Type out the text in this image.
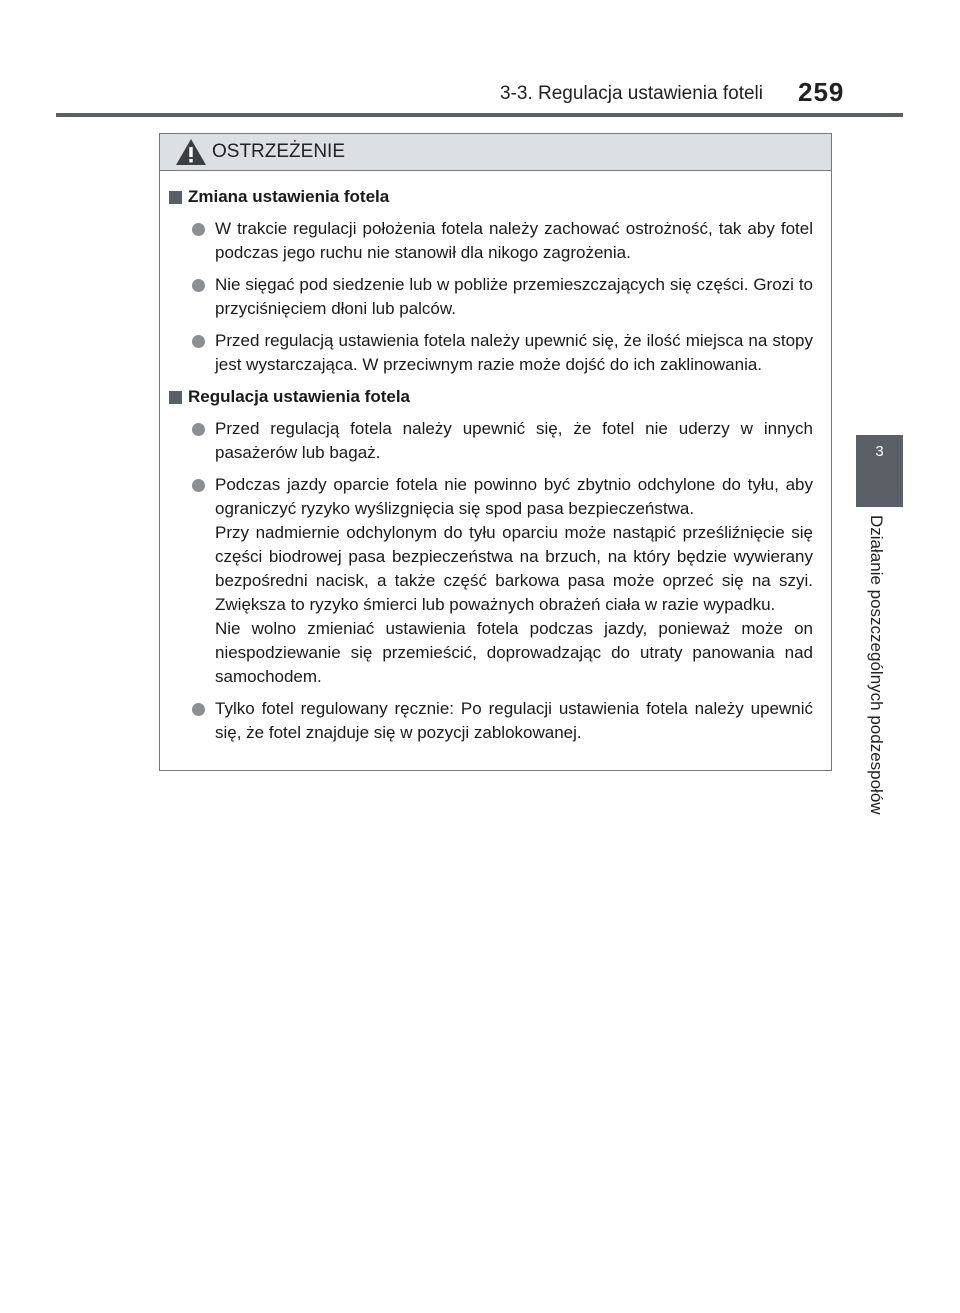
3-3. Regulacja ustawienia foteli 259
3
Działanie poszczególnych podzespołów
OSTRZEŻENIE
Zmiana ustawienia fotela

W trakcie regulacji położenia fotela należy zachować ostrożność, tak aby fotel podczas jego ruchu nie stanowił dla nikogo zagrożenia.

Nie sięgać pod siedzenie lub w pobliże przemieszczających się części. Grozi to przyciśnięciem dłoni lub palców.

Przed regulacją ustawienia fotela należy upewnić się, że ilość miejsca na stopy jest wystarczająca. W przeciwnym razie może dojść do ich zaklinowania.

Regulacja ustawienia fotela

Przed regulacją fotela należy upewnić się, że fotel nie uderzy w innych pasażerów lub bagaż.

Podczas jazdy oparcie fotela nie powinno być zbytnio odchylone do tyłu, aby ograniczyć ryzyko wyślizgnięcia się spod pasa bezpieczeństwa.

Przy nadmiernie odchylonym do tyłu oparciu może nastąpić prześliźnięcie się części biodrowej pasa bezpieczeństwa na brzuch, na który będzie wywierany bezpośredni nacisk, a także część barkowa pasa może oprzeć się na szyi. Zwiększa to ryzyko śmierci lub poważnych obrażeń ciała w razie wypadku.

Nie wolno zmieniać ustawienia fotela podczas jazdy, ponieważ może on niespodziewanie się przemieścić, doprowadzając do utraty panowania nad samochodem.

Tylko fotel regulowany ręcznie: Po regulacji ustawienia fotela należy upewnić się, że fotel znajduje się w pozycji zablokowanej.
